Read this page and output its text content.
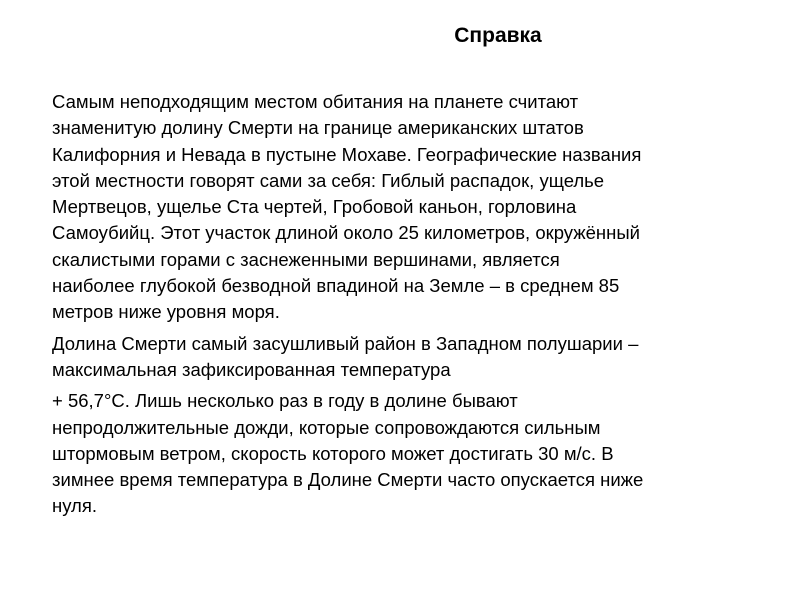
Справка

Самым неподходящим местом обитания на планете считают
знаменитую долину Смерти на границе американских штатов
Калифорния и Невада в пустыне Мохаве. Географические названия
этой местности говорят сами за себя: Гиблый распадок, ущелье
Мертвецов, ущелье Ста чертей, Гробовой каньон, горловина
Самоубийц. Этот участок длиной около 25 километров, окружённый
скалистыми горами с заснеженными вершинами, является
наиболее глубокой безводной впадиной на Земле – в среднем 85
метров ниже уровня моря.

Долина Смерти самый засушливый район в Западном полушарии –
максимальная зафиксированная температура

+ 56,7°С. Лишь несколько раз в году в долине бывают
непродолжительные дожди, которые сопровождаются сильным
штормовым ветром, скорость которого может достигать 30 м/с. В
зимнее время температура в Долине Смерти часто опускается ниже
нуля.
